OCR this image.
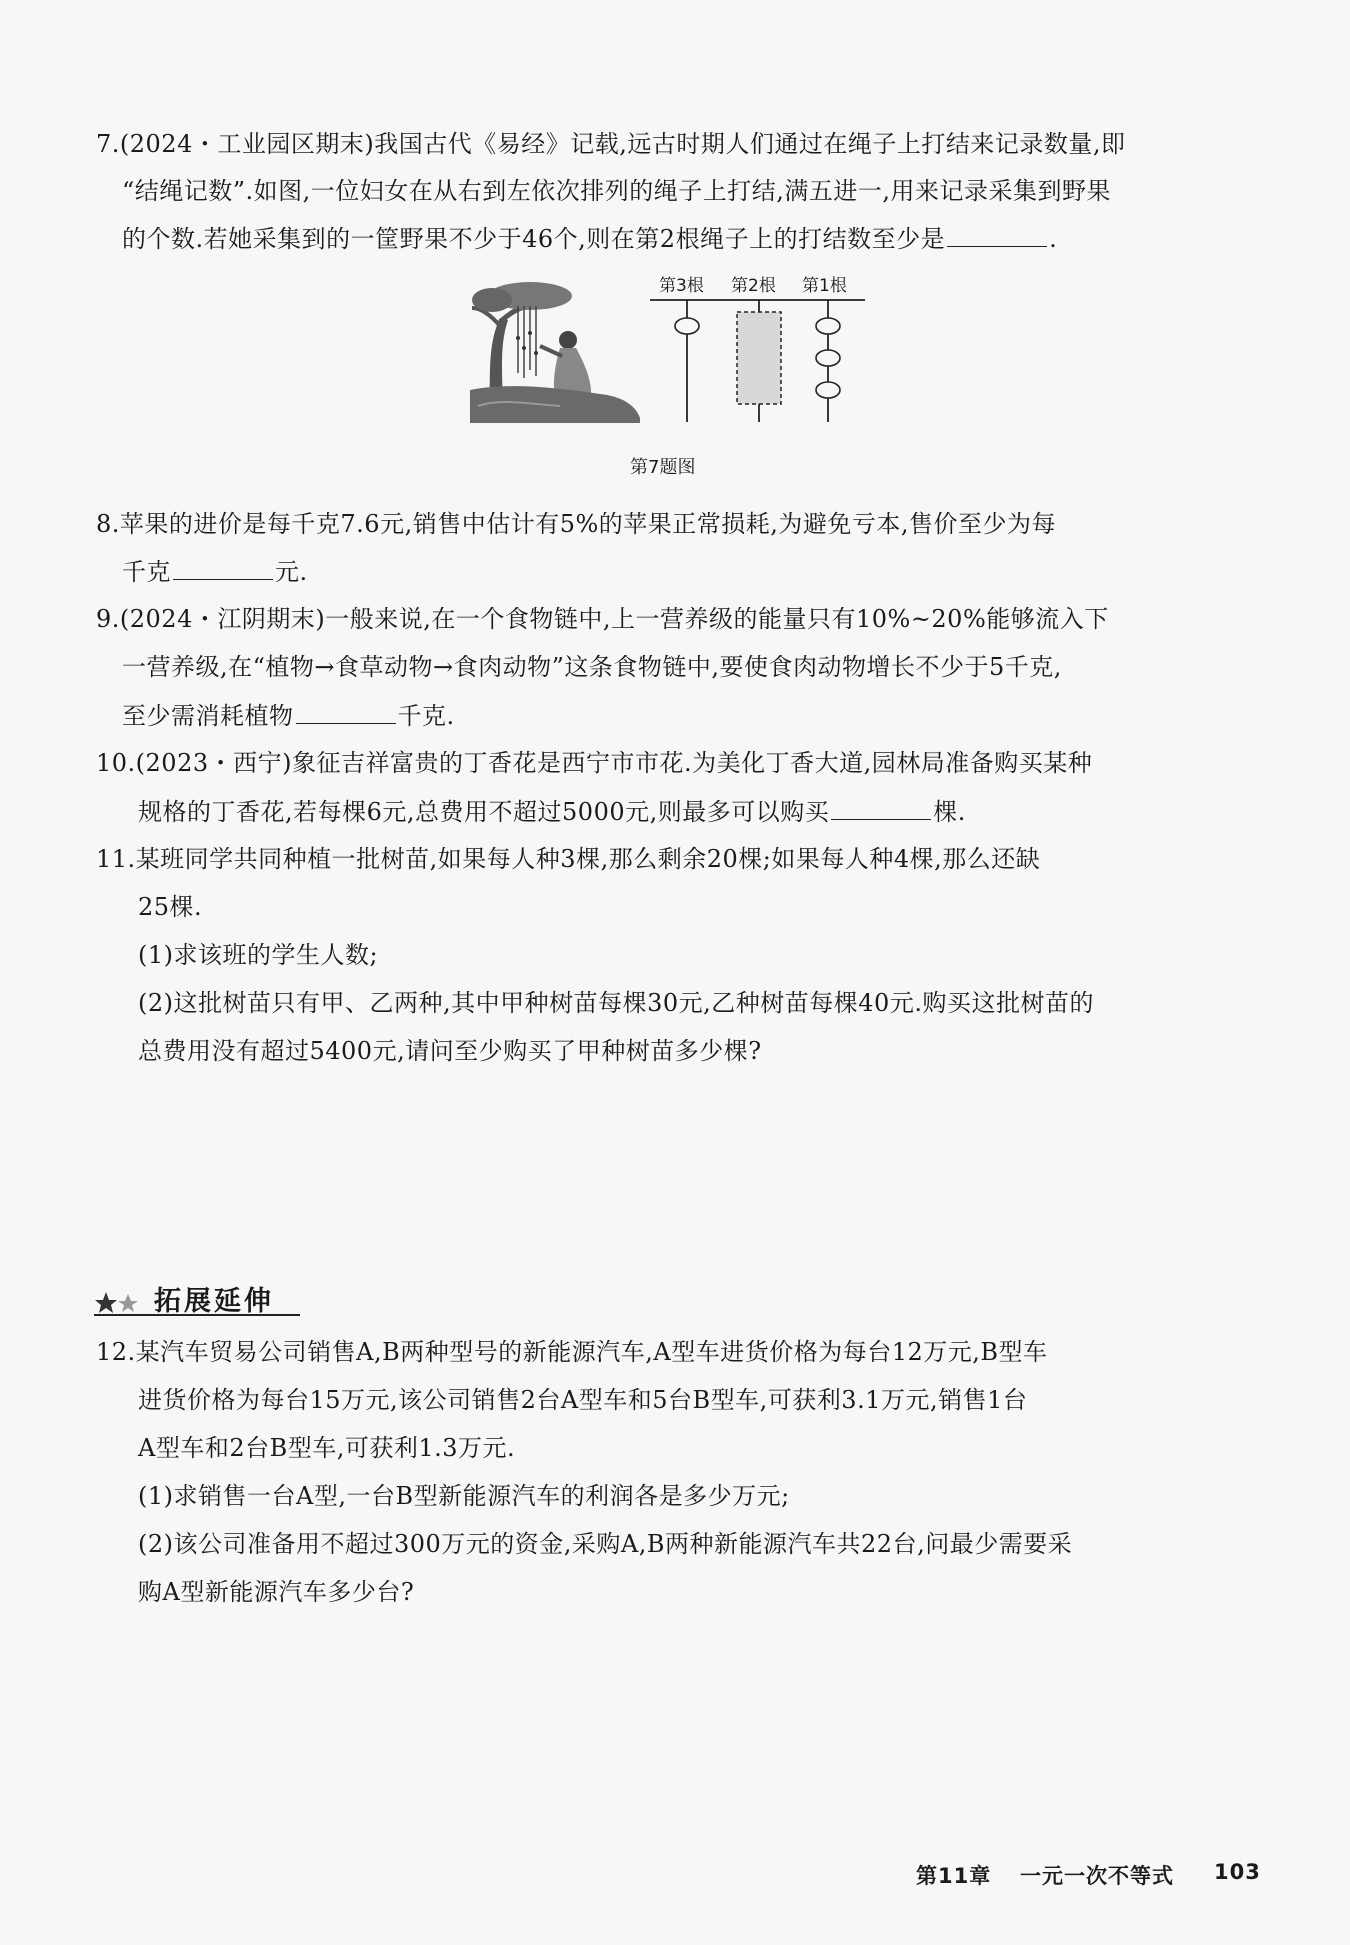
7.(2024・工业园区期末)我国古代《易经》记载,远古时期人们通过在绳子上打结来记录数量,即
“结绳记数”.如图,一位妇女在从右到左依次排列的绳子上打结,满五进一,用来记录采集到野果
的个数.若她采集到的一筐野果不少于46个,则在第2根绳子上的打结数至少是	.
第3根 第2根 第1根
第7题图
8.苹果的进价是每千克7.6元,销售中估计有5%的苹果正常损耗,为避免亏本,售价至少为每
千克	元.
9.(2024・江阴期末)一般来说,在一个食物链中,上一营养级的能量只有10%~20%能够流入下
一营养级,在“植物→食草动物→食肉动物”这条食物链中,要使食肉动物增长不少于5千克,
至少需消耗植物	千克.
10.(2023・西宁)象征吉祥富贵的丁香花是西宁市市花.为美化丁香大道,园林局准备购买某种
规格的丁香花,若每棵6元,总费用不超过5000元,则最多可以购买	棵.
11.某班同学共同种植一批树苗,如果每人种3棵,那么剩余20棵;如果每人种4棵,那么还缺
25棵.
(1)求该班的学生人数;
(2)这批树苗只有甲、乙两种,其中甲种树苗每棵30元,乙种树苗每棵40元.购买这批树苗的
总费用没有超过5400元,请问至少购买了甲种树苗多少棵?
拓展延伸
12.某汽车贸易公司销售A,B两种型号的新能源汽车,A型车进货价格为每台12万元,B型车
进货价格为每台15万元,该公司销售2台A型车和5台B型车,可获利3.1万元,销售1台
A型车和2台B型车,可获利1.3万元.
(1)求销售一台A型,一台B型新能源汽车的利润各是多少万元;
(2)该公司准备用不超过300万元的资金,采购A,B两种新能源汽车共22台,问最少需要采
购A型新能源汽车多少台?
第11章 一元一次不等式 103
